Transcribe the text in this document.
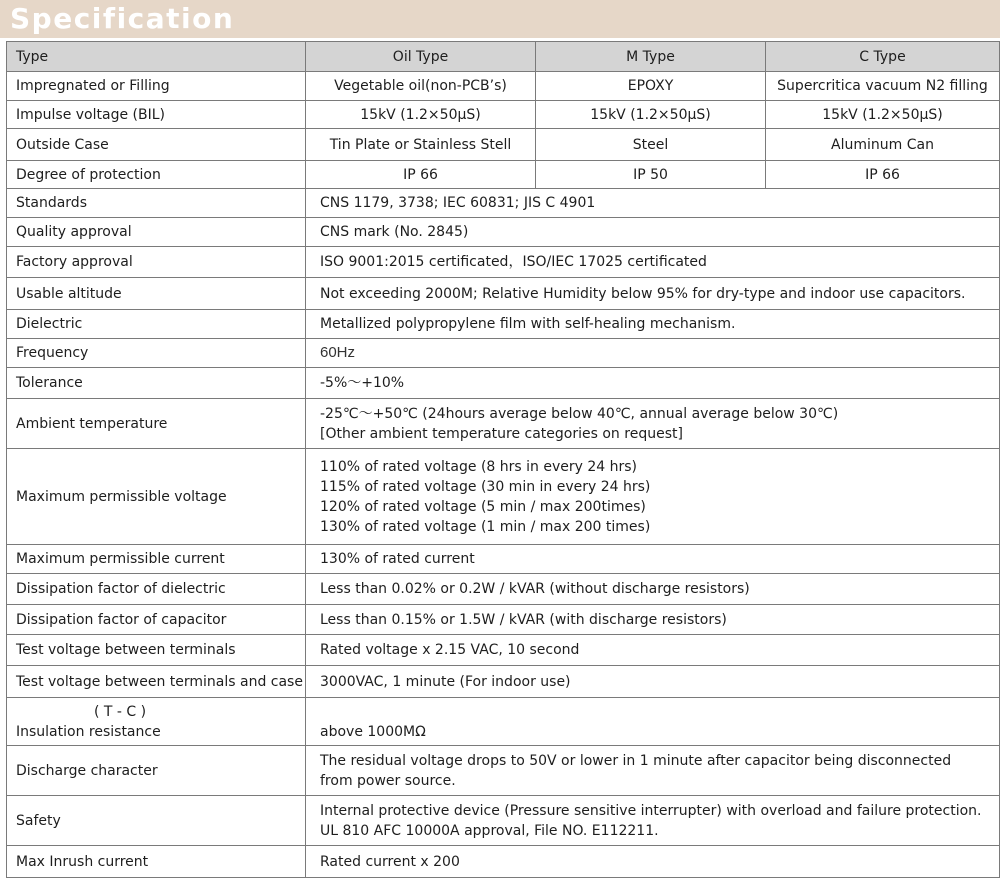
Specification
Type	Oil Type	M Type	C Type
Impregnated or Filling	Vegetable oil(non-PCB’s)	EPOXY	Supercritica vacuum N2 filling
Impulse voltage (BIL)	15kV (1.2×50μS)	15kV (1.2×50μS)	15kV (1.2×50μS)
Outside Case	Tin Plate or Stainless Stell	Steel	Aluminum Can
Degree of protection	IP 66	IP 50	IP 66
Standards	CNS 1179, 3738; IEC 60831; JIS C 4901		
Quality approval	CNS mark (No. 2845)		
Factory approval	ISO 9001:2015 certificated，ISO/IEC 17025 certificated		
Usable altitude	Not exceeding 2000M; Relative Humidity below 95% for dry-type and indoor use capacitors.		
Dielectric	Metallized polypropylene film with self-healing mechanism.		
Frequency	60Hz		
Tolerance	-5%～+10%		
Ambient temperature	-25℃～+50℃ (24hours average below 40℃, annual average below 30℃)
[Other ambient temperature categories on request]		

Maximum permissible voltage	110% of rated voltage (8 hrs in every 24 hrs)
115% of rated voltage (30 min in every 24 hrs)
120% of rated voltage (5 min / max 200times)
130% of rated voltage (1 min / max 200 times)		

Maximum permissible current	130% of rated current		
Dissipation factor of dielectric	Less than 0.02% or 0.2W / kVAR (without discharge resistors)		
Dissipation factor of capacitor	Less than 0.15% or 1.5W / kVAR (with discharge resistors)		
Test voltage between terminals	Rated voltage x 2.15 VAC, 10 second		
Test voltage between terminals and case	3000VAC, 1 minute (For indoor use)		

( T - C )
Insulation resistance	above 1000MΩ		

Discharge character	The residual voltage drops to 50V or lower in 1 minute after capacitor being disconnected
from power source.		

Safety	Internal protective device (Pressure sensitive interrupter) with overload and failure protection.
UL 810 AFC 10000A approval, File NO. E112211.		

Max Inrush current	Rated current x 200		
